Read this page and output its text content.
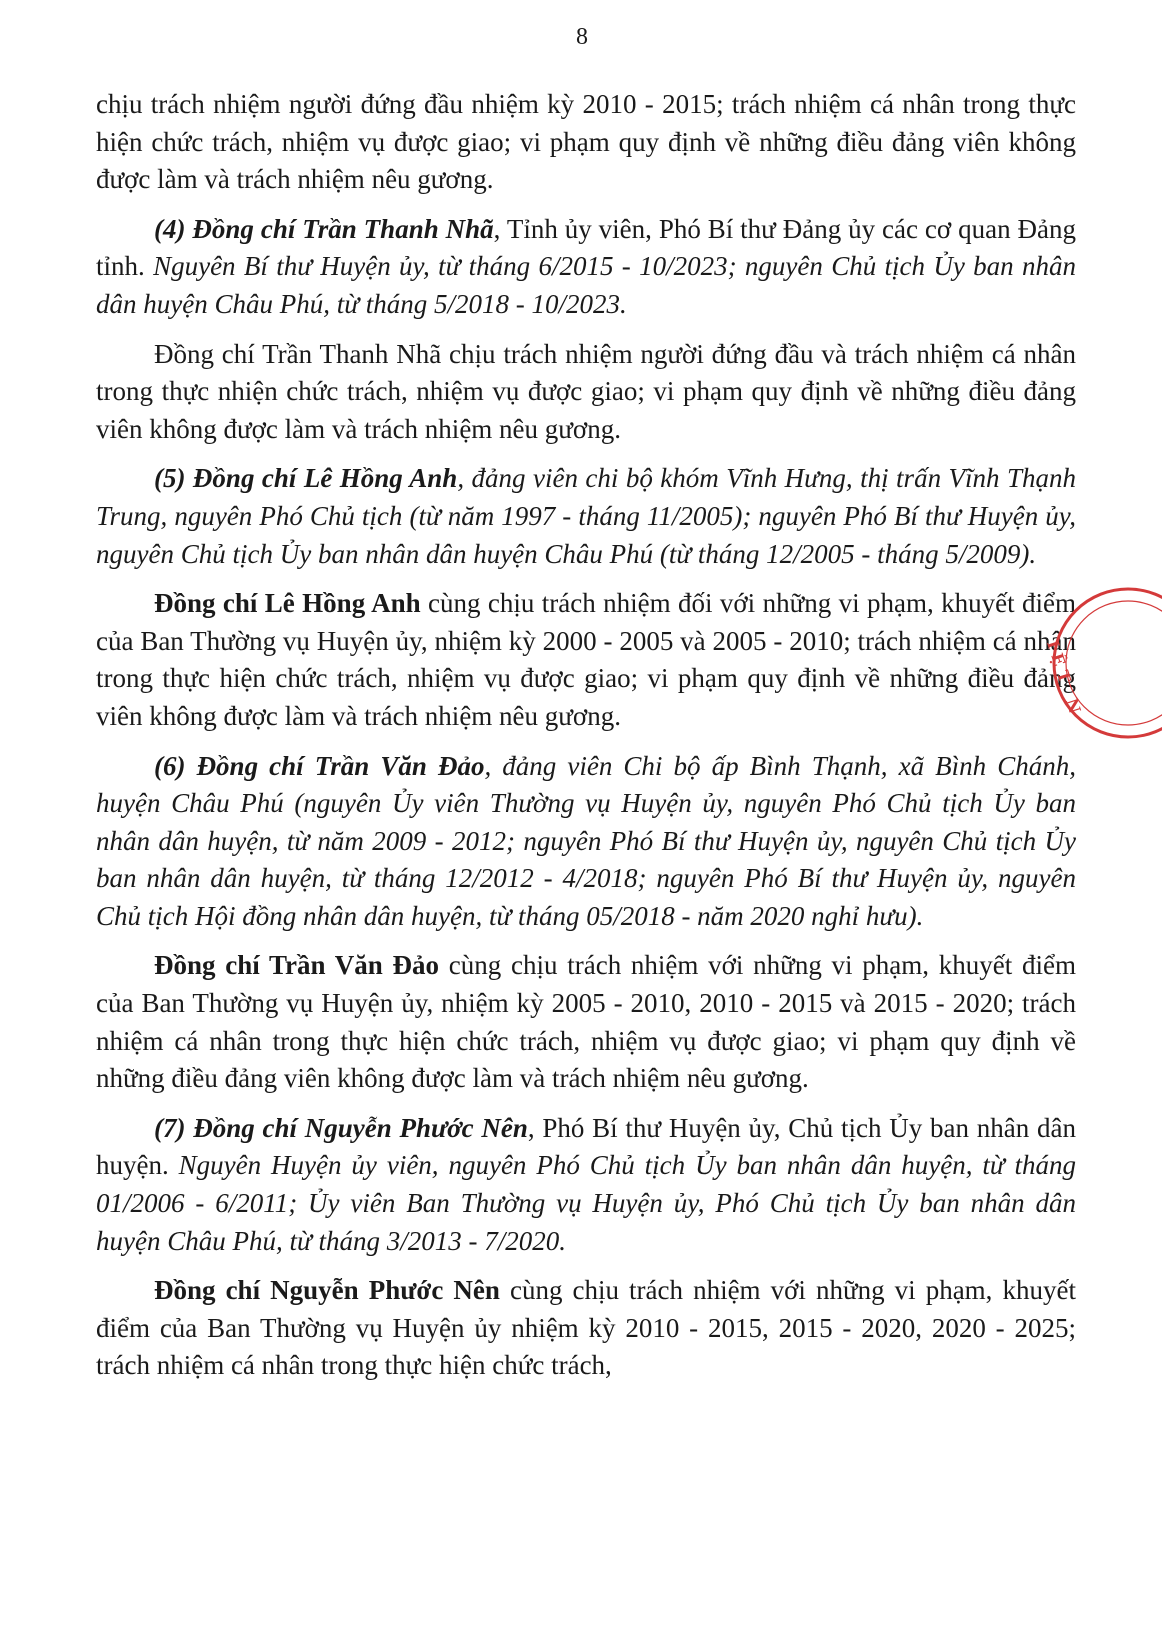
8

chịu trách nhiệm người đứng đầu nhiệm kỳ 2010 - 2015; trách nhiệm cá nhân trong thực hiện chức trách, nhiệm vụ được giao; vi phạm quy định về những điều đảng viên không được làm và trách nhiệm nêu gương.

(4) Đồng chí Trần Thanh Nhã, Tỉnh ủy viên, Phó Bí thư Đảng ủy các cơ quan Đảng tỉnh. Nguyên Bí thư Huyện ủy, từ tháng 6/2015 - 10/2023; nguyên Chủ tịch Ủy ban nhân dân huyện Châu Phú, từ tháng 5/2018 - 10/2023.

Đồng chí Trần Thanh Nhã chịu trách nhiệm người đứng đầu và trách nhiệm cá nhân trong thực nhiện chức trách, nhiệm vụ được giao; vi phạm quy định về những điều đảng viên không được làm và trách nhiệm nêu gương.

(5) Đồng chí Lê Hồng Anh, đảng viên chi bộ khóm Vĩnh Hưng, thị trấn Vĩnh Thạnh Trung, nguyên Phó Chủ tịch (từ năm 1997 - tháng 11/2005); nguyên Phó Bí thư Huyện ủy, nguyên Chủ tịch Ủy ban nhân dân huyện Châu Phú (từ tháng 12/2005 - tháng 5/2009).

Đồng chí Lê Hồng Anh cùng chịu trách nhiệm đối với những vi phạm, khuyết điểm của Ban Thường vụ Huyện ủy, nhiệm kỳ 2000 - 2005 và 2005 - 2010; trách nhiệm cá nhân trong thực hiện chức trách, nhiệm vụ được giao; vi phạm quy định về những điều đảng viên không được làm và trách nhiệm nêu gương.

(6) Đồng chí Trần Văn Đảo, đảng viên Chi bộ ấp Bình Thạnh, xã Bình Chánh, huyện Châu Phú (nguyên Ủy viên Thường vụ Huyện ủy, nguyên Phó Chủ tịch Ủy ban nhân dân huyện, từ năm 2009 - 2012; nguyên Phó Bí thư Huyện ủy, nguyên Chủ tịch Ủy ban nhân dân huyện, từ tháng 12/2012 - 4/2018; nguyên Phó Bí thư Huyện ủy, nguyên Chủ tịch Hội đồng nhân dân huyện, từ tháng 05/2018 - năm 2020 nghỉ hưu).

Đồng chí Trần Văn Đảo cùng chịu trách nhiệm với những vi phạm, khuyết điểm của Ban Thường vụ Huyện ủy, nhiệm kỳ 2005 - 2010, 2010 - 2015 và 2015 - 2020; trách nhiệm cá nhân trong thực hiện chức trách, nhiệm vụ được giao; vi phạm quy định về những điều đảng viên không được làm và trách nhiệm nêu gương.

(7) Đồng chí Nguyễn Phước Nên, Phó Bí thư Huyện ủy, Chủ tịch Ủy ban nhân dân huyện. Nguyên Huyện ủy viên, nguyên Phó Chủ tịch Ủy ban nhân dân huyện, từ tháng 01/2006 - 6/2011; Ủy viên Ban Thường vụ Huyện ủy, Phó Chủ tịch Ủy ban nhân dân huyện Châu Phú, từ tháng 3/2013 - 7/2020.

Đồng chí Nguyễn Phước Nên cùng chịu trách nhiệm với những vi phạm, khuyết điểm của Ban Thường vụ Huyện ủy nhiệm kỳ 2010 - 2015, 2015 - 2020, 2020 - 2025; trách nhiệm cá nhân trong thực hiện chức trách,

IỆT N
